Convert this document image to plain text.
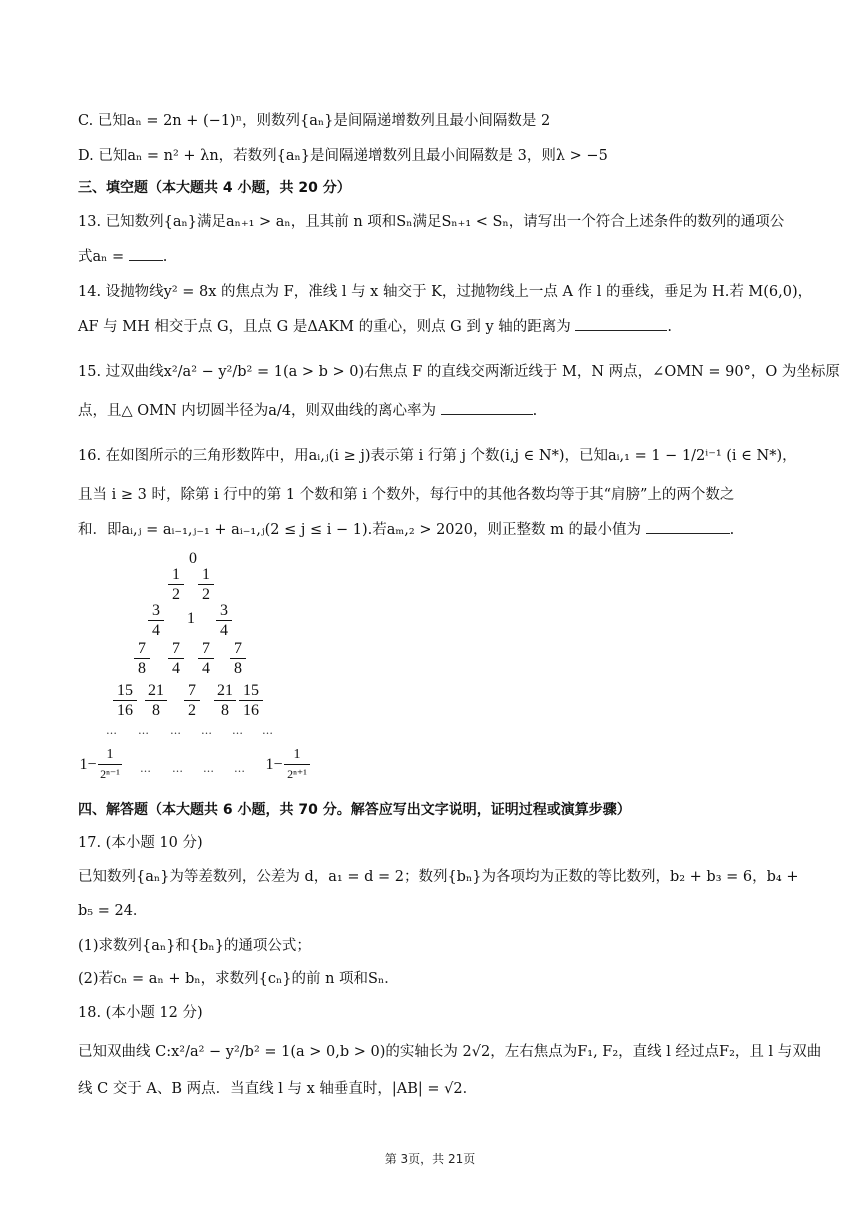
C. 已知aₙ = 2n + (−1)ⁿ，则数列{aₙ}是间隔递增数列且最小间隔数是 2
D. 已知aₙ = n² + λn，若数列{aₙ}是间隔递增数列且最小间隔数是 3，则λ > −5
三、填空题（本大题共 4 小题，共 20 分）
13. 已知数列{aₙ}满足aₙ₊₁ > aₙ，且其前 n 项和Sₙ满足Sₙ₊₁ < Sₙ，请写出一个符合上述条件的数列的通项公
式aₙ =	.
14. 设抛物线y² = 8x 的焦点为 F，准线 l 与 x 轴交于 K，过抛物线上一点 A 作 l 的垂线，垂足为 H.若 M(6,0)，
AF 与 MH 相交于点 G，且点 G 是ΔAKM 的重心，则点 G 到 y 轴的距离为	.
15. 过双曲线x²/a² − y²/b² = 1(a > b > 0)右焦点 F 的直线交两渐近线于 M，N 两点，∠OMN = 90°，O 为坐标原
点，且△ OMN 内切圆半径为a/4，则双曲线的离心率为	.
16. 在如图所示的三角形数阵中，用aᵢ,ⱼ(i ≥ j)表示第 i 行第 j 个数(i,j ∈ N*)，已知aᵢ,₁ = 1 − 1/2ⁱ⁻¹ (i ∈ N*)，
且当 i ≥ 3 时，除第 i 行中的第 1 个数和第 i 个数外，每行中的其他各数均等于其“肩膀”上的两个数之
和．即aᵢ,ⱼ = aᵢ₋₁,ⱼ₋₁ + aᵢ₋₁,ⱼ(2 ≤ j ≤ i − 1).若aₘ,₂ > 2020，则正整数 m 的最小值为	.
0
1
2
1
2
3
4
1 3
4
7
8
7
4
7
4
7
8
15
16
21
8
7
2
21
8
15
16
… … … … … …
1−
1
2ⁿ⁻¹ … … … … 1−
1
2ⁿ⁺¹
四、解答题（本大题共 6 小题，共 70 分。解答应写出文字说明，证明过程或演算步骤）
17. (本小题 10 分)
已知数列{aₙ}为等差数列，公差为 d，a₁ = d = 2；数列{bₙ}为各项均为正数的等比数列，b₂ + b₃ = 6，b₄ +
b₅ = 24．
(1)求数列{aₙ}和{bₙ}的通项公式；
(2)若cₙ = aₙ + bₙ，求数列{cₙ}的前 n 项和Sₙ．
18. (本小题 12 分)
已知双曲线 C:x²/a² − y²/b² = 1(a > 0,b > 0)的实轴长为 2√2，左右焦点为F₁, F₂，直线 l 经过点F₂，且 l 与双曲
线 C 交于 A、B 两点．当直线 l 与 x 轴垂直时，|AB| = √2．
第 3页，共 21页
